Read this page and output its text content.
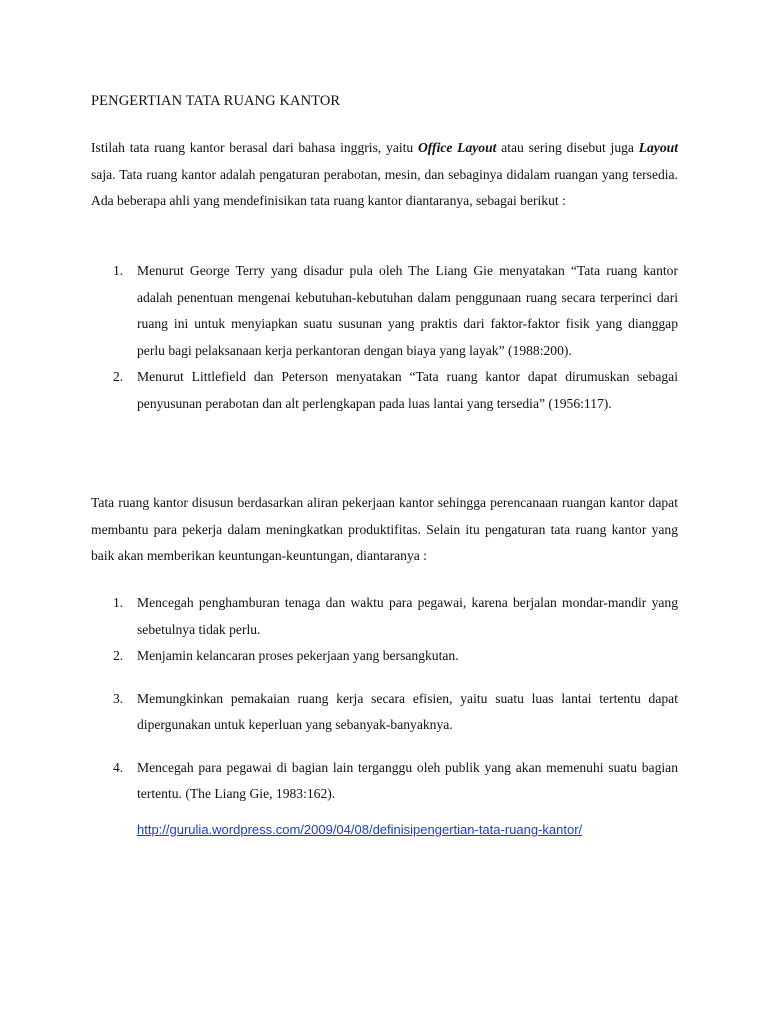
PENGERTIAN TATA RUANG KANTOR

Istilah tata ruang kantor berasal dari bahasa inggris, yaitu Office Layout atau sering disebut juga Layout saja. Tata ruang kantor adalah pengaturan perabotan, mesin, dan sebaginya didalam ruangan yang tersedia. Ada beberapa ahli yang mendefinisikan tata ruang kantor diantaranya, sebagai berikut :

1. Menurut George Terry yang disadur pula oleh The Liang Gie menyatakan “Tata ruang kantor adalah penentuan mengenai kebutuhan-kebutuhan dalam penggunaan ruang secara terperinci dari ruang ini untuk menyiapkan suatu susunan yang praktis dari faktor-faktor fisik yang dianggap perlu bagi pelaksanaan kerja perkantoran dengan biaya yang layak” (1988:200).
2. Menurut Littlefield dan Peterson menyatakan “Tata ruang kantor dapat dirumuskan sebagai penyusunan perabotan dan alt perlengkapan pada luas lantai yang tersedia” (1956:117).

Tata ruang kantor disusun berdasarkan aliran pekerjaan kantor sehingga perencanaan ruangan kantor dapat membantu para pekerja dalam meningkatkan produktifitas. Selain itu pengaturan tata ruang kantor yang baik akan memberikan keuntungan-keuntungan, diantaranya :

1. Mencegah penghamburan tenaga dan waktu para pegawai, karena berjalan mondar-mandir yang sebetulnya tidak perlu.
2. Menjamin kelancaran proses pekerjaan yang bersangkutan.
3. Memungkinkan pemakaian ruang kerja secara efisien, yaitu suatu luas lantai tertentu dapat dipergunakan untuk keperluan yang sebanyak-banyaknya.
4. Mencegah para pegawai di bagian lain terganggu oleh publik yang akan memenuhi suatu bagian tertentu. (The Liang Gie, 1983:162).
http://gurulia.wordpress.com/2009/04/08/definisipengertian-tata-ruang-kantor/
